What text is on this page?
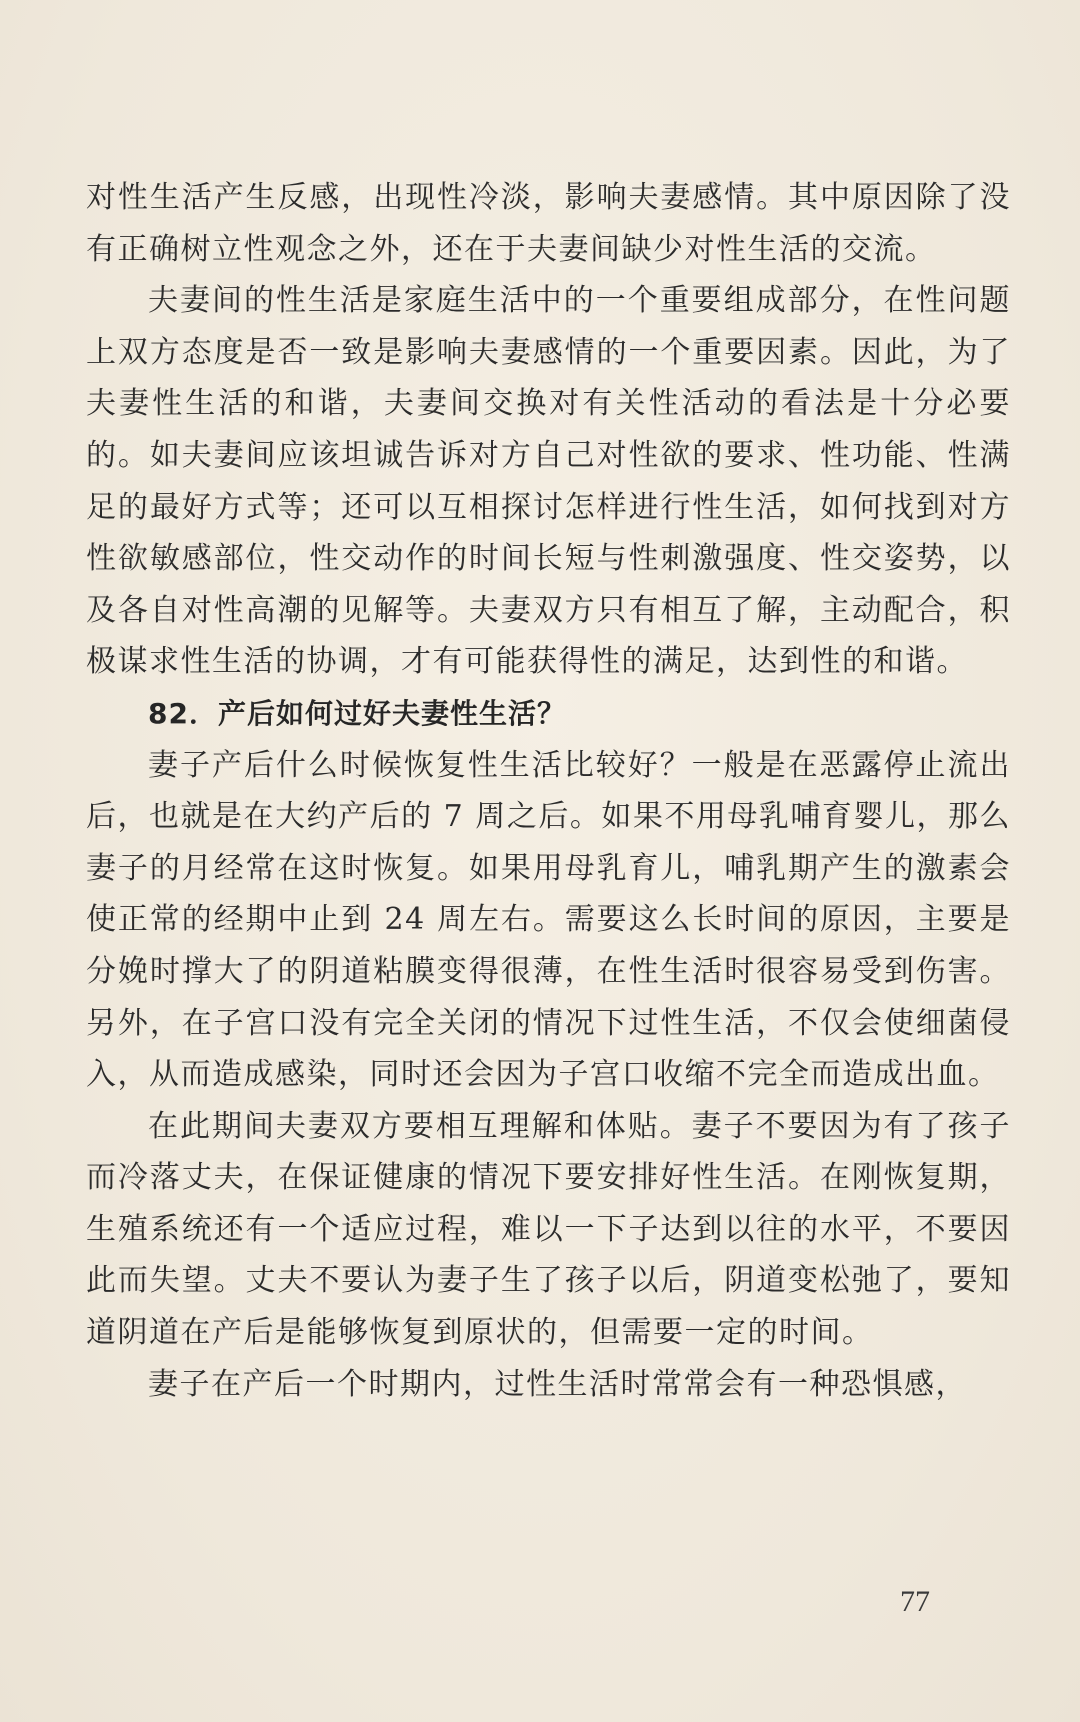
对性生活产生反感，出现性冷淡，影响夫妻感情。其中原因除了没有正确树立性观念之外，还在于夫妻间缺少对性生活的交流。

夫妻间的性生活是家庭生活中的一个重要组成部分，在性问题上双方态度是否一致是影响夫妻感情的一个重要因素。因此，为了夫妻性生活的和谐，夫妻间交换对有关性活动的看法是十分必要的。如夫妻间应该坦诚告诉对方自己对性欲的要求、性功能、性满足的最好方式等；还可以互相探讨怎样进行性生活，如何找到对方性欲敏感部位，性交动作的时间长短与性刺激强度、性交姿势，以及各自对性高潮的见解等。夫妻双方只有相互了解，主动配合，积极谋求性生活的协调，才有可能获得性的满足，达到性的和谐。

82．产后如何过好夫妻性生活？

妻子产后什么时候恢复性生活比较好？一般是在恶露停止流出后，也就是在大约产后的 7 周之后。如果不用母乳哺育婴儿，那么妻子的月经常在这时恢复。如果用母乳育儿，哺乳期产生的激素会使正常的经期中止到 24 周左右。需要这么长时间的原因，主要是分娩时撑大了的阴道粘膜变得很薄，在性生活时很容易受到伤害。另外，在子宫口没有完全关闭的情况下过性生活，不仅会使细菌侵入，从而造成感染，同时还会因为子宫口收缩不完全而造成出血。

在此期间夫妻双方要相互理解和体贴。妻子不要因为有了孩子而冷落丈夫，在保证健康的情况下要安排好性生活。在刚恢复期，生殖系统还有一个适应过程，难以一下子达到以往的水平，不要因此而失望。丈夫不要认为妻子生了孩子以后，阴道变松弛了，要知道阴道在产后是能够恢复到原状的，但需要一定的时间。

妻子在产后一个时期内，过性生活时常常会有一种恐惧感，

77
